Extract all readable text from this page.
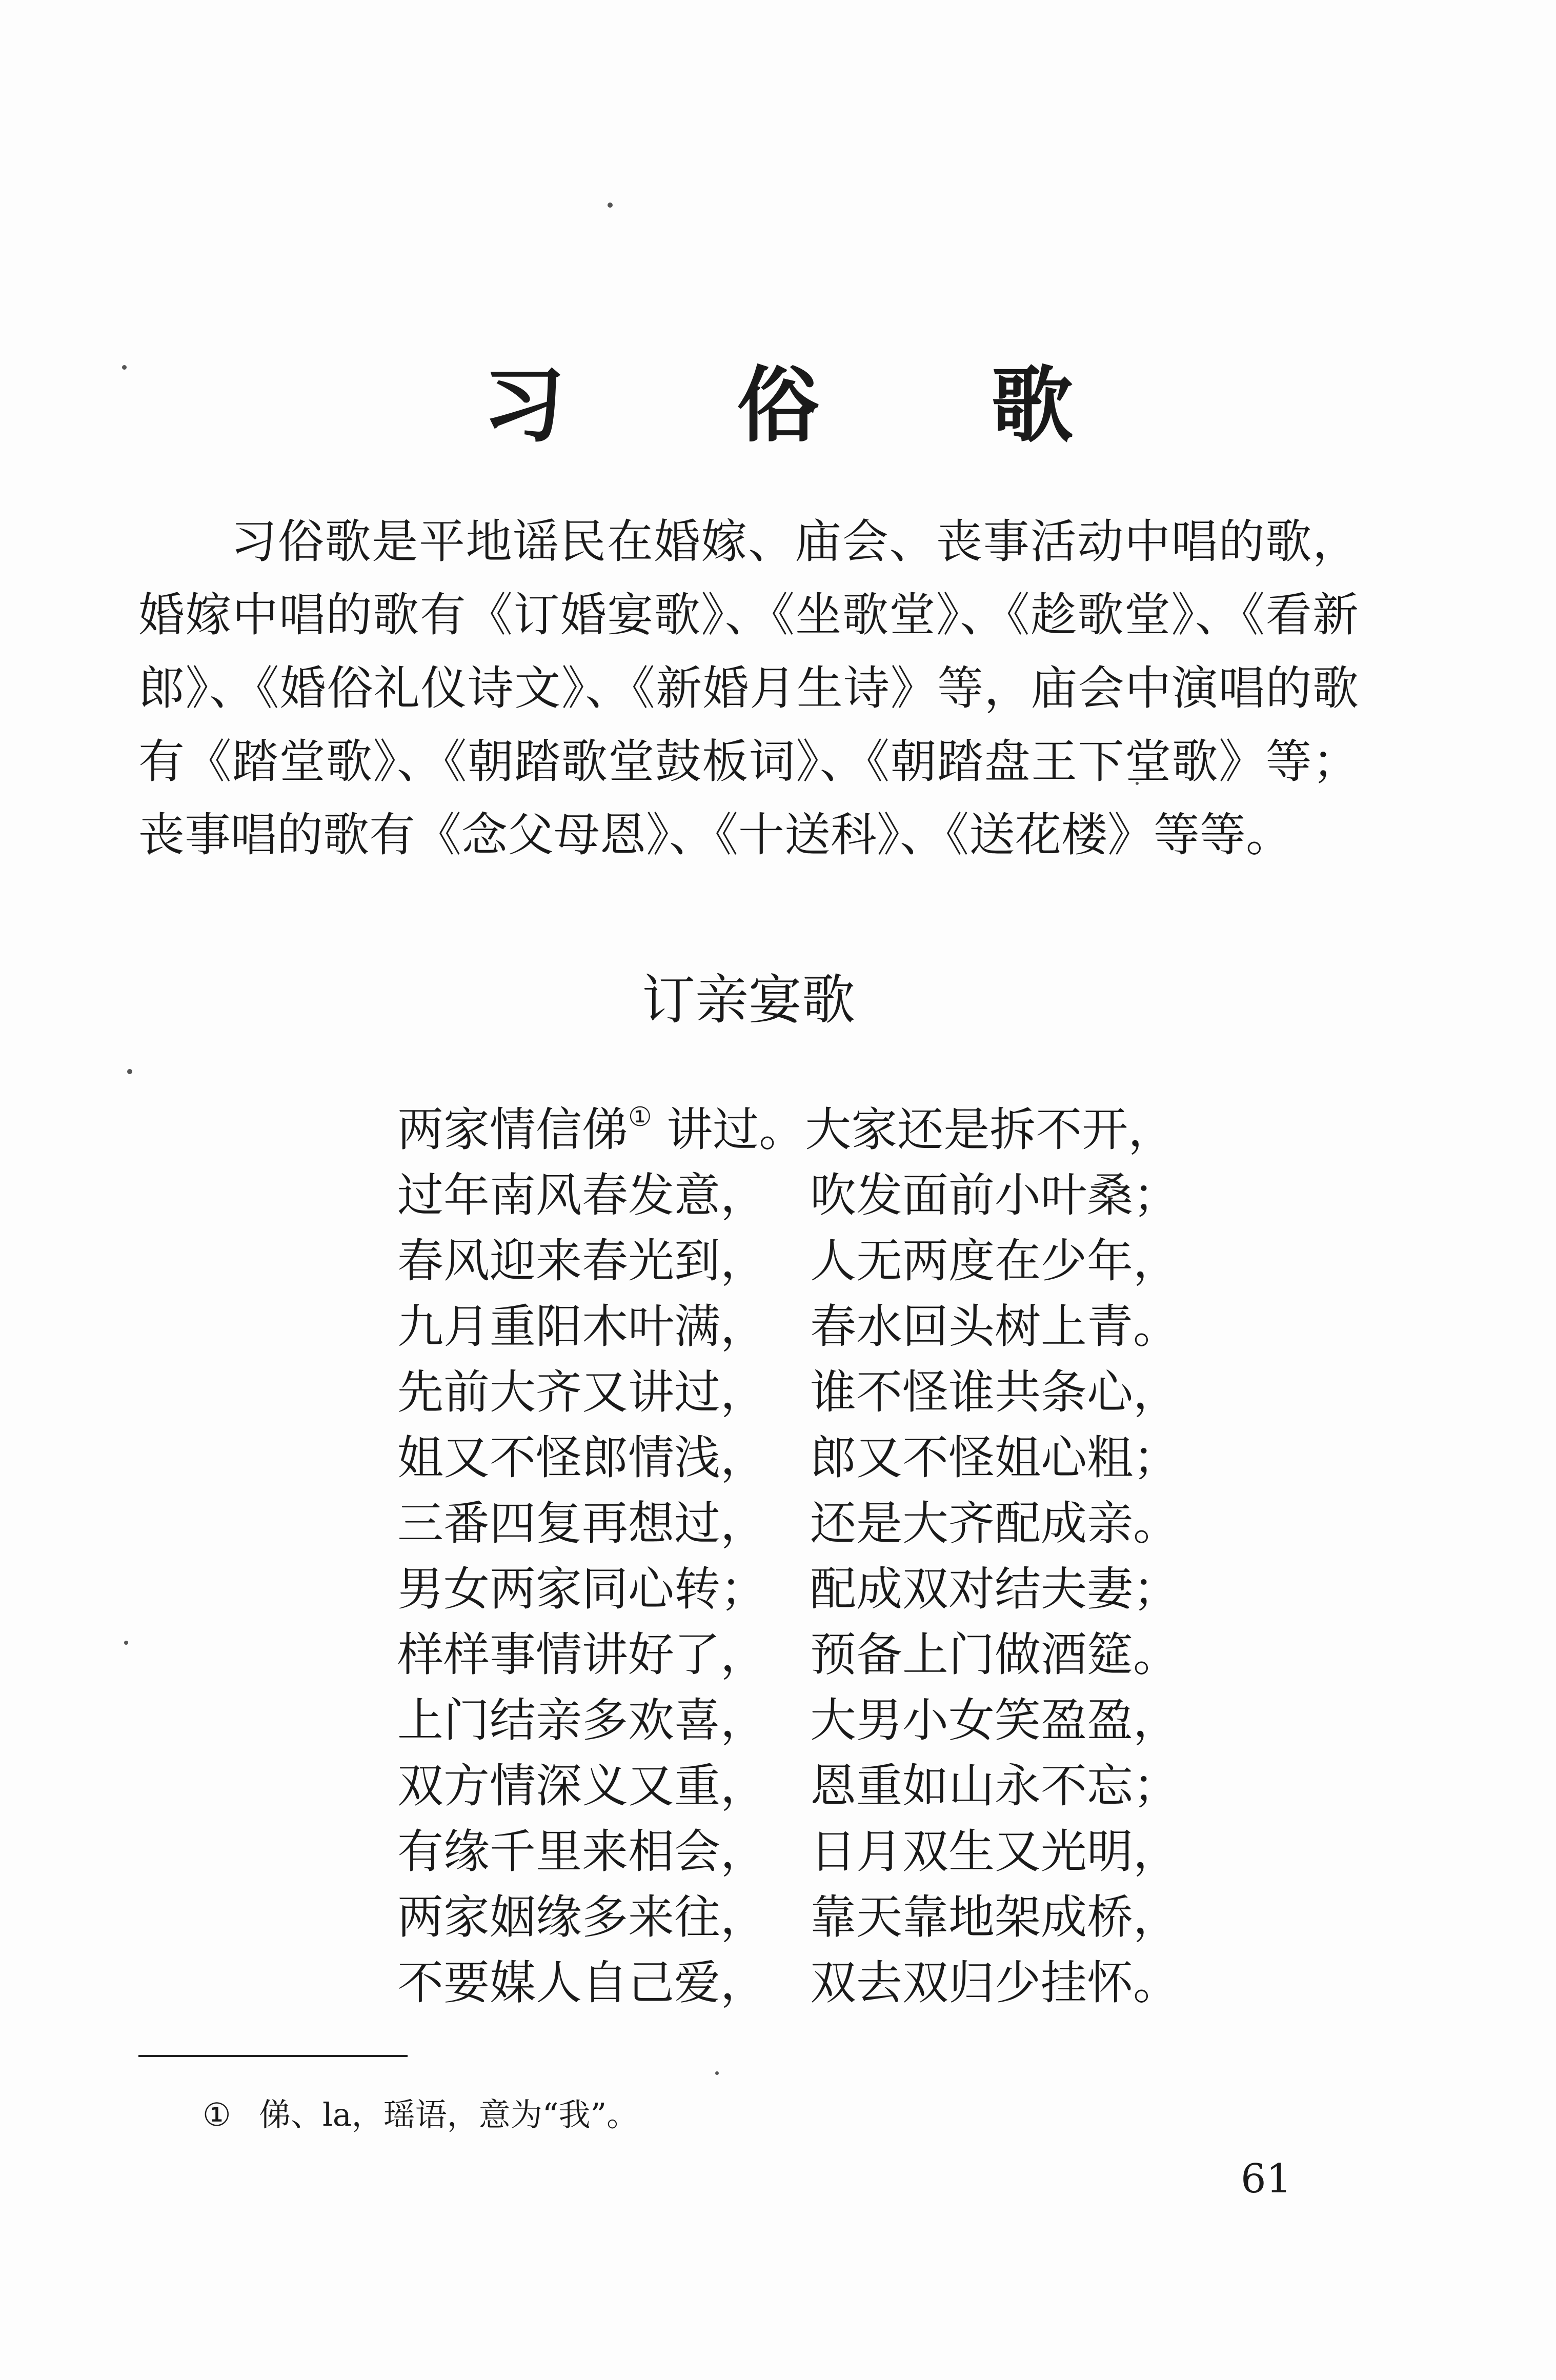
习 俗 歌
习俗歌是平地谣民在婚嫁、庙会、丧事活动中唱的歌，婚嫁中唱的歌有《订婚宴歌》、《坐歌堂》、《趁歌堂》、《看新郎》、《婚俗礼仪诗文》、《新婚月生诗》等，庙会中演唱的歌有《踏堂歌》、《朝踏歌堂鼓板词》、《朝踏盘王下堂歌》等；丧事唱的歌有《念父母恩》、《十送科》、《送花楼》等等。
订亲宴歌
两家情信俤① 讲过。大家还是拆不开，
过年南风春发意， 吹发面前小叶桑；
春风迎来春光到， 人无两度在少年，
九月重阳木叶满， 春水回头树上青。
先前大齐又讲过， 谁不怪谁共条心，
姐又不怪郎情浅， 郎又不怪姐心粗；
三番四复再想过， 还是大齐配成亲。
男女两家同心转； 配成双对结夫妻；
样样事情讲好了， 预备上门做酒筵。
上门结亲多欢喜， 大男小女笑盈盈，
双方情深义又重， 恩重如山永不忘；
有缘千里来相会， 日月双生又光明，
两家姻缘多来往， 靠天靠地架成桥，
不要媒人自己爱， 双去双归少挂怀。
① 俤、la，瑶语，意为“我”。
61
